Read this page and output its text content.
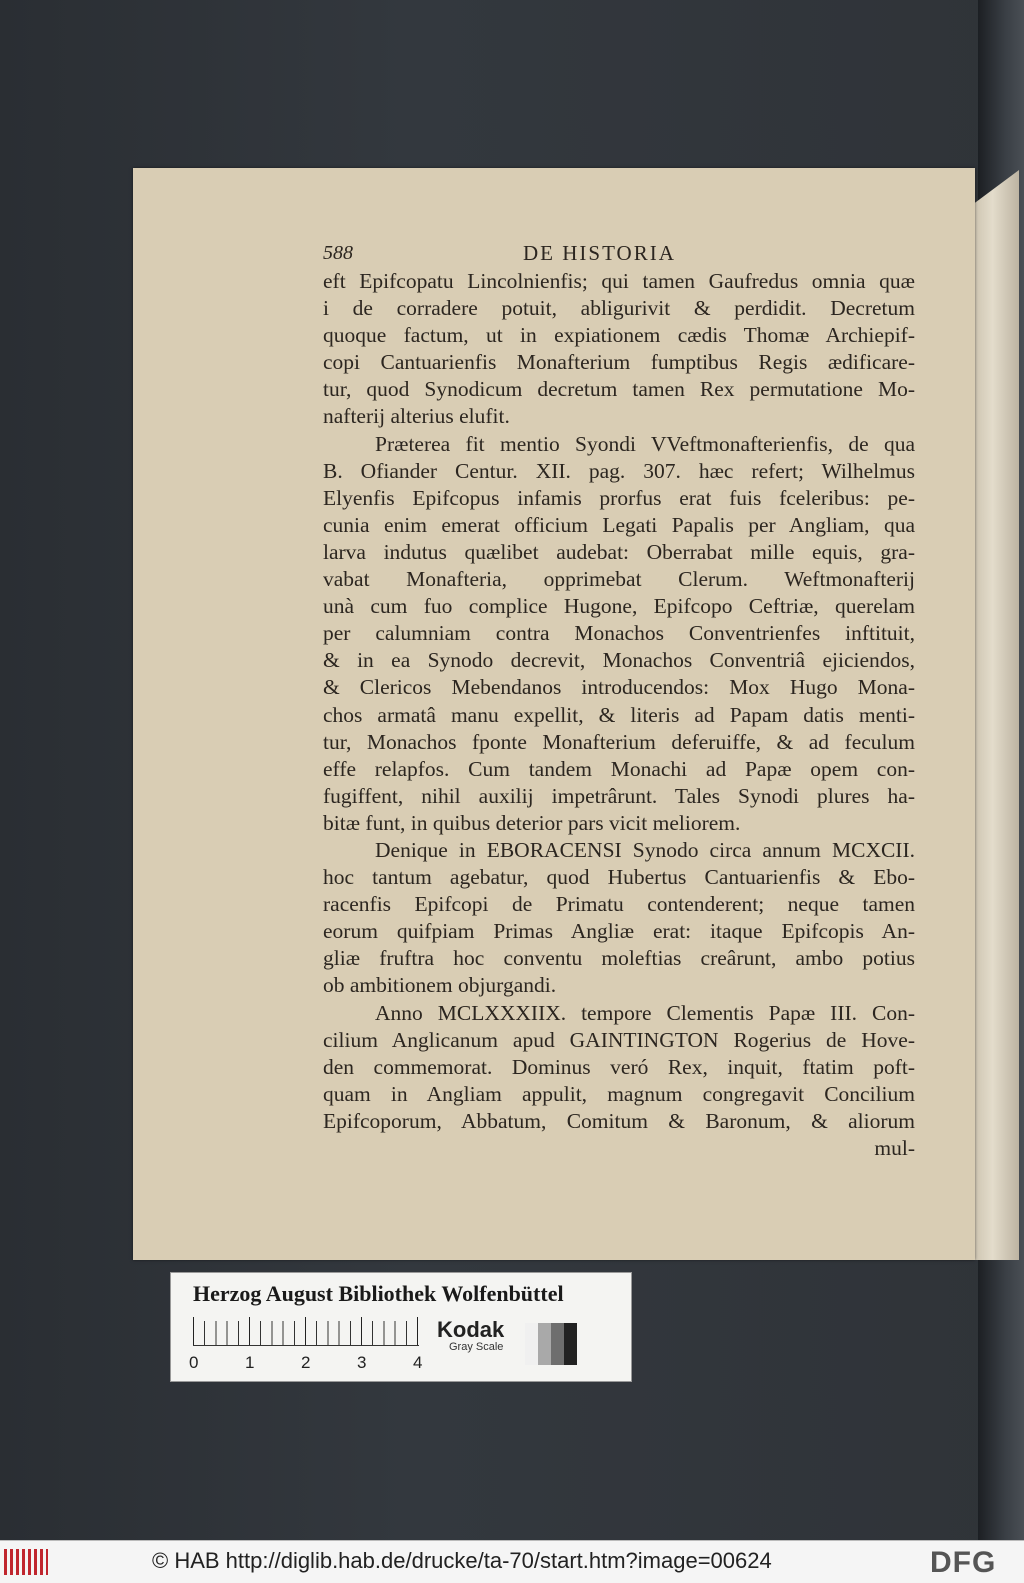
588	DE HISTORIA
eft Epifcopatu Lincolnienfis; qui tamen Gaufredus omnia quæ
i de corradere potuit, abligurivit & perdidit. Decretum
quoque factum, ut in expiationem cædis Thomæ Archiepif-
copi Cantuarienfis Monafterium fumptibus Regis ædificare-
tur, quod Synodicum decretum tamen Rex permutatione Mo-
nafterij alterius elufit.
Præterea fit mentio Syondi VVeftmonafterienfis, de qua
B. Ofiander Centur. XII. pag. 307. hæc refert; Wilhelmus
Elyenfis Epifcopus infamis prorfus erat fuis fceleribus: pe-
cunia enim emerat officium Legati Papalis per Angliam, qua
larva indutus quælibet audebat: Oberrabat mille equis, gra-
vabat Monafteria, opprimebat Clerum. Weftmonafterij
unà cum fuo complice Hugone, Epifcopo Ceftriæ, querelam
per calumniam contra Monachos Conventrienfes inftituit,
& in ea Synodo decrevit, Monachos Conventriâ ejiciendos,
& Clericos Mebendanos introducendos: Mox Hugo Mona-
chos armatâ manu expellit, & literis ad Papam datis menti-
tur, Monachos fponte Monafterium deferuiffe, & ad feculum
effe relapfos. Cum tandem Monachi ad Papæ opem con-
fugiffent, nihil auxilij impetrârunt. Tales Synodi plures ha-
bitæ funt, in quibus deterior pars vicit meliorem.
Denique in EBORACENSI Synodo circa annum MCXCII.
hoc tantum agebatur, quod Hubertus Cantuarienfis & Ebo-
racenfis Epifcopi de Primatu contenderent; neque tamen
eorum quifpiam Primas Angliæ erat: itaque Epifcopis An-
gliæ fruftra hoc conventu moleftias creârunt, ambo potius
ob ambitionem objurgandi.
Anno MCLXXXIIX. tempore Clementis Papæ III. Con-
cilium Anglicanum apud GAINTINGTON Rogerius de Hove-
den commemorat. Dominus veró Rex, inquit, ftatim poft-
quam in Angliam appulit, magnum congregavit Concilium
Epifcoporum, Abbatum, Comitum & Baronum, & aliorum
mul-
Herzog August Bibliothek Wolfenbüttel
Kodak
Gray Scale
0	1	2	3	4
© HAB http://diglib.hab.de/drucke/ta-70/start.htm?image=00624	DFG
